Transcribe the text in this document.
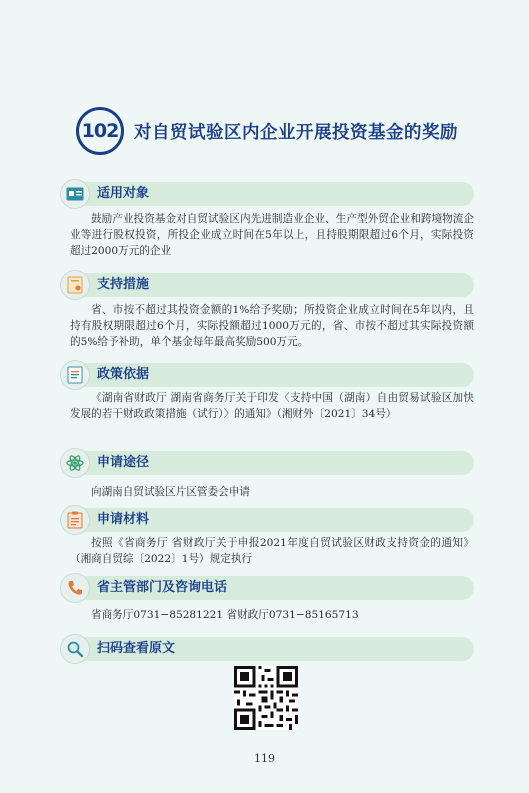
102 对自贸试验区内企业开展投资基金的奖励
适用对象
鼓励产业投资基金对自贸试验区内先进制造业企业、生产型外贸企业和跨境物流企业等进行股权投资，所投企业成立时间在5年以上，且持股期限超过6个月，实际投资超过2000万元的企业
支持措施
省、市按不超过其投资金额的1%给予奖励；所投资企业成立时间在5年以内，且持有股权期限超过6个月，实际投额超过1000万元的，省、市按不超过其实际投资额的5%给予补助，单个基金每年最高奖励500万元。
政策依据
《湖南省财政厅 湖南省商务厅关于印发〈支持中国（湖南）自由贸易试验区加快发展的若干财政政策措施（试行）〉的通知》（湘财外〔2021〕34号）
申请途径
向湖南自贸试验区片区管委会申请
申请材料
按照《省商务厅 省财政厅关于申报2021年度自贸试验区财政支持资金的通知》（湘商自贸综〔2022〕1号）规定执行
省主管部门及咨询电话
省商务厅0731−85281221 省财政厅0731−85165713
扫码查看原文
119
